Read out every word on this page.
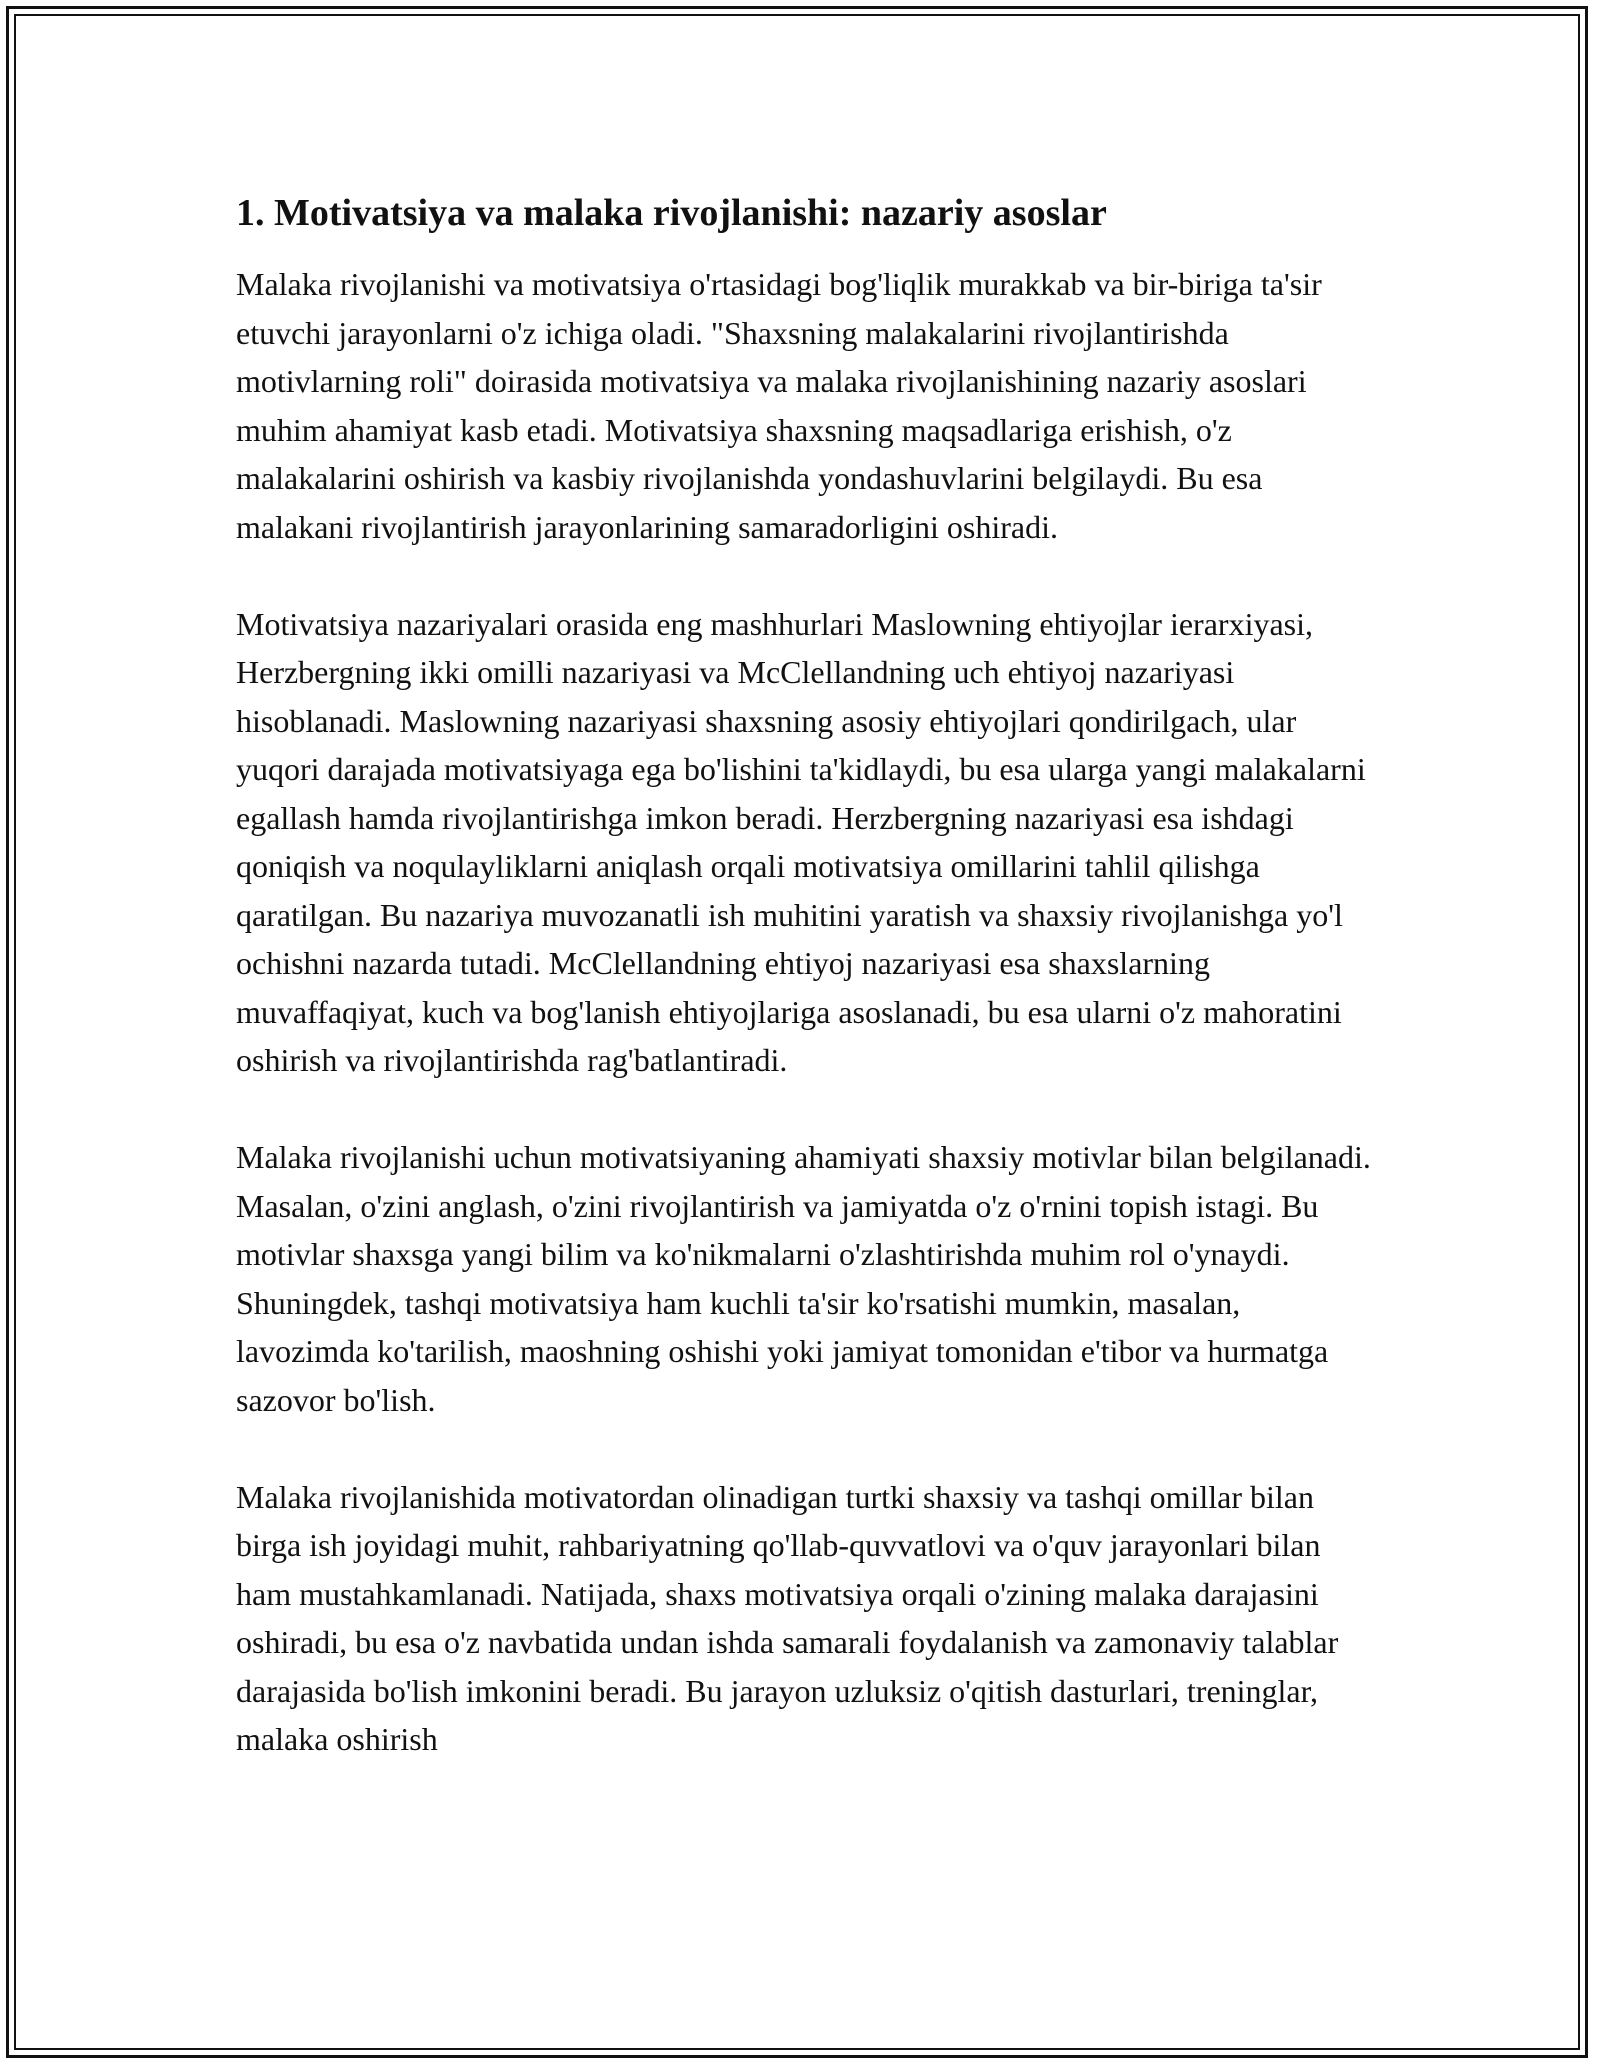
1. Motivatsiya va malaka rivojlanishi: nazariy asoslar

Malaka rivojlanishi va motivatsiya o'rtasidagi bog'liqlik murakkab va bir-biriga ta'sir etuvchi jarayonlarni o'z ichiga oladi. "Shaxsning malakalarini rivojlantirishda motivlarning roli" doirasida motivatsiya va malaka rivojlanishining nazariy asoslari muhim ahamiyat kasb etadi. Motivatsiya shaxsning maqsadlariga erishish, o'z malakalarini oshirish va kasbiy rivojlanishda yondashuvlarini belgilaydi. Bu esa malakani rivojlantirish jarayonlarining samaradorligini oshiradi.

Motivatsiya nazariyalari orasida eng mashhurlari Maslowning ehtiyojlar ierarxiyasi, Herzbergning ikki omilli nazariyasi va McClellandning uch ehtiyoj nazariyasi hisoblanadi. Maslowning nazariyasi shaxsning asosiy ehtiyojlari qondirilgach, ular yuqori darajada motivatsiyaga ega bo'lishini ta'kidlaydi, bu esa ularga yangi malakalarni egallash hamda rivojlantirishga imkon beradi. Herzbergning nazariyasi esa ishdagi qoniqish va noqulayliklarni aniqlash orqali motivatsiya omillarini tahlil qilishga qaratilgan. Bu nazariya muvozanatli ish muhitini yaratish va shaxsiy rivojlanishga yo'l ochishni nazarda tutadi. McClellandning ehtiyoj nazariyasi esa shaxslarning muvaffaqiyat, kuch va bog'lanish ehtiyojlariga asoslanadi, bu esa ularni o'z mahoratini oshirish va rivojlantirishda rag'batlantiradi.

Malaka rivojlanishi uchun motivatsiyaning ahamiyati shaxsiy motivlar bilan belgilanadi. Masalan, o'zini anglash, o'zini rivojlantirish va jamiyatda o'z o'rnini topish istagi. Bu motivlar shaxsga yangi bilim va ko'nikmalarni o'zlashtirishda muhim rol o'ynaydi. Shuningdek, tashqi motivatsiya ham kuchli ta'sir ko'rsatishi mumkin, masalan, lavozimda ko'tarilish, maoshning oshishi yoki jamiyat tomonidan e'tibor va hurmatga sazovor bo'lish.

Malaka rivojlanishida motivatordan olinadigan turtki shaxsiy va tashqi omillar bilan birga ish joyidagi muhit, rahbariyatning qo'llab-quvvatlovi va o'quv jarayonlari bilan ham mustahkamlanadi. Natijada, shaxs motivatsiya orqali o'zining malaka darajasini oshiradi, bu esa o'z navbatida undan ishda samarali foydalanish va zamonaviy talablar darajasida bo'lish imkonini beradi. Bu jarayon uzluksiz o'qitish dasturlari, treninglar, malaka oshirish
